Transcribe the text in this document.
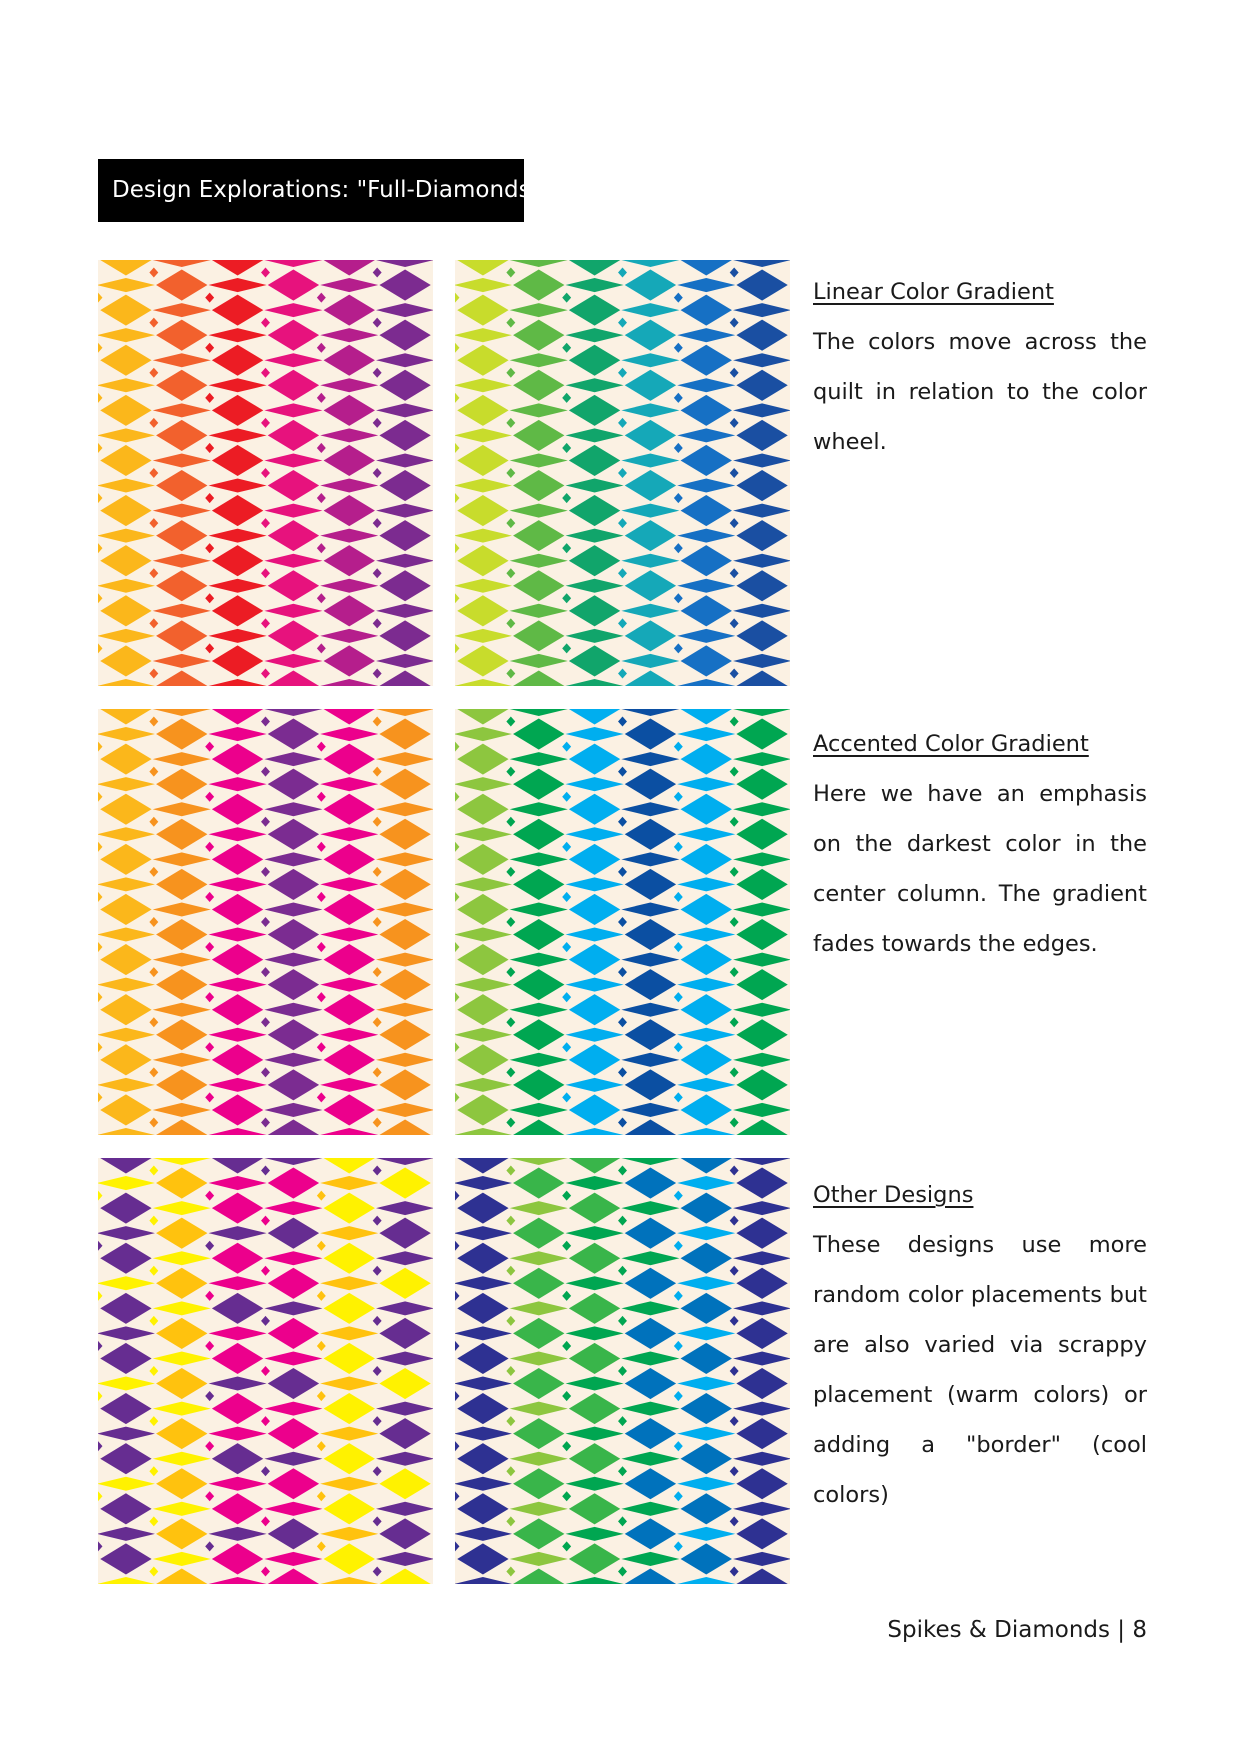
Design Explorations: "Full-Diamonds"
Linear Color Gradient

The colors move across the quilt in relation to the color wheel.

Accented Color Gradient

Here we have an emphasis on the darkest color in the center column. The gradient fades towards the edges.

Other Designs

These designs use more random color placements but are also varied via scrappy placement (warm colors) or adding a "border" (cool colors)

Spikes & Diamonds | 8
